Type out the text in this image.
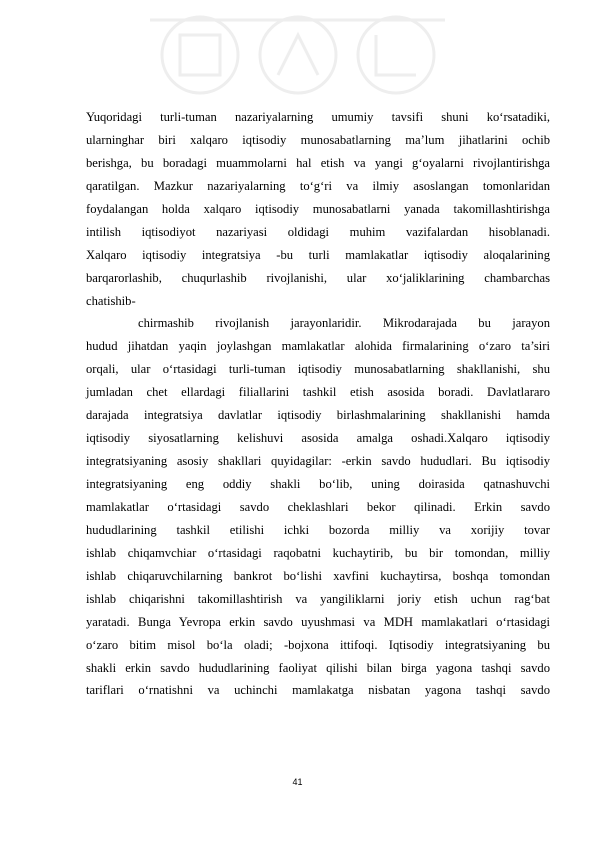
Yuqoridagi turli-tuman nazariyalarning umumiy tavsifi shuni ko‘rsatadiki,
ularninghar biri xalqaro iqtisodiy munosabatlarning ma’lum jihatlarini ochib
berishga, bu boradagi muammolarni hal etish va yangi g‘oyalarni rivojlantirishga
qaratilgan. Mazkur nazariyalarning to‘g‘ri va ilmiy asoslangan tomonlaridan
foydalangan holda xalqaro iqtisodiy munosabatlarni yanada takomillashtirishga
intilish iqtisodiyot nazariyasi oldidagi muhim vazifalardan hisoblanadi.
Xalqaro iqtisodiy integratsiya -bu turli mamlakatlar iqtisodiy aloqalarining
barqarorlashib, chuqurlashib rivojlanishi, ular xo‘jaliklarining chambarchas
chatishib-
chirmashib rivojlanish jarayonlaridir. Mikrodarajada bu jarayon
hudud jihatdan yaqin joylashgan mamlakatlar alohida firmalarining o‘zaro ta’siri
orqali, ular o‘rtasidagi turli-tuman iqtisodiy munosabatlarning shakllanishi, shu
jumladan chet ellardagi filiallarini tashkil etish asosida boradi. Davlatlararo
darajada integratsiya davlatlar iqtisodiy birlashmalarining shakllanishi hamda
iqtisodiy siyosatlarning kelishuvi asosida amalga oshadi.Xalqaro iqtisodiy
integratsiyaning asosiy shakllari quyidagilar: -erkin savdo hududlari. Bu iqtisodiy
integratsiyaning eng oddiy shakli bo‘lib, uning doirasida qatnashuvchi
mamlakatlar o‘rtasidagi savdo cheklashlari bekor qilinadi. Erkin savdo
hududlarining tashkil etilishi ichki bozorda milliy va xorijiy tovar
ishlab chiqamvchiar o‘rtasidagi raqobatni kuchaytirib, bu bir tomondan, milliy
ishlab chiqaruvchilarning bankrot bo‘lishi xavfini kuchaytirsa, boshqa tomondan
ishlab chiqarishni takomillashtirish va yangiliklarni joriy etish uchun rag‘bat
yaratadi. Bunga Yevropa erkin savdo uyushmasi va MDH mamlakatlari o‘rtasidagi
o‘zaro bitim misol bo‘la oladi; -bojxona ittifoqi. Iqtisodiy integratsiyaning bu
shakli erkin savdo hududlarining faoliyat qilishi bilan birga yagona tashqi savdo
tariflari o‘rnatishni va uchinchi mamlakatga nisbatan yagona tashqi savdo
41
